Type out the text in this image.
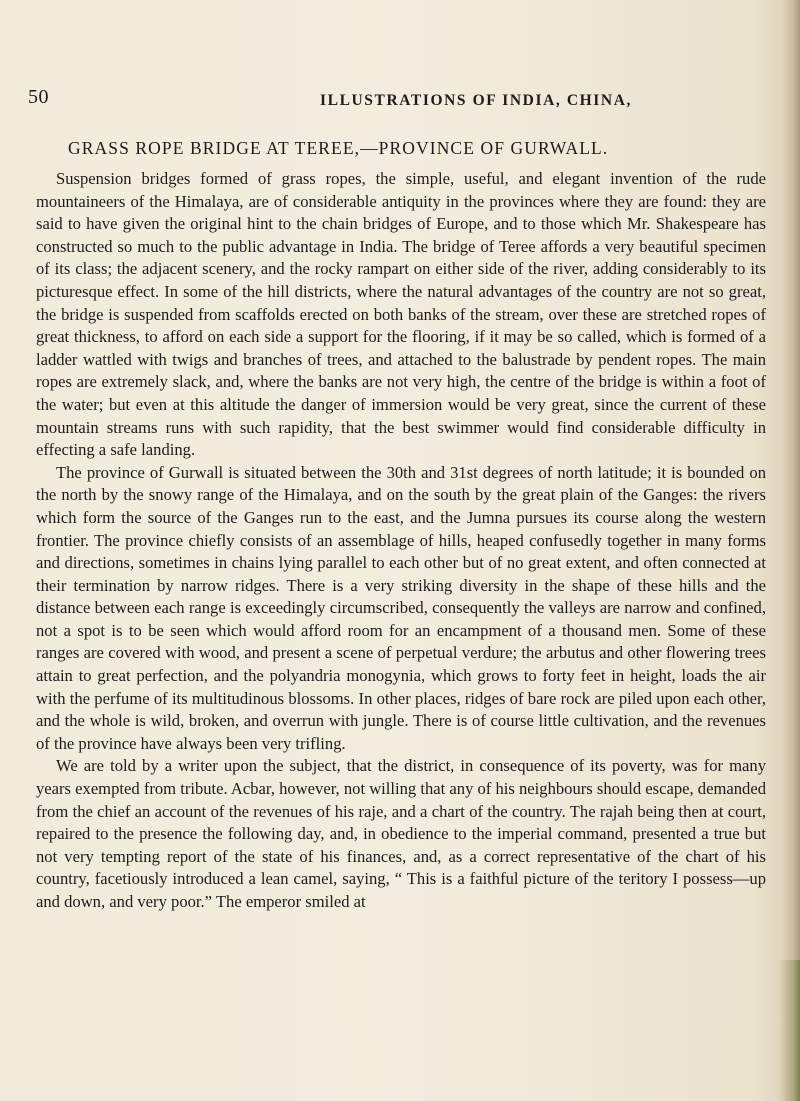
50	ILLUSTRATIONS OF INDIA, CHINA,
GRASS ROPE BRIDGE AT TEREE,—PROVINCE OF GURWALL.

Suspension bridges formed of grass ropes, the simple, useful, and elegant invention of the rude mountaineers of the Himalaya, are of considerable antiquity in the provinces where they are found: they are said to have given the original hint to the chain bridges of Europe, and to those which Mr. Shakespeare has constructed so much to the public advantage in India. The bridge of Teree affords a very beautiful specimen of its class; the adjacent scenery, and the rocky rampart on either side of the river, adding considerably to its picturesque effect. In some of the hill districts, where the natural advantages of the country are not so great, the bridge is suspended from scaffolds erected on both banks of the stream, over these are stretched ropes of great thickness, to afford on each side a support for the flooring, if it may be so called, which is formed of a ladder wattled with twigs and branches of trees, and attached to the balustrade by pendent ropes. The main ropes are extremely slack, and, where the banks are not very high, the centre of the bridge is within a foot of the water; but even at this altitude the danger of immersion would be very great, since the current of these mountain streams runs with such rapidity, that the best swimmer would find considerable difficulty in effecting a safe landing.

The province of Gurwall is situated between the 30th and 31st degrees of north latitude; it is bounded on the north by the snowy range of the Himalaya, and on the south by the great plain of the Ganges: the rivers which form the source of the Ganges run to the east, and the Jumna pursues its course along the western frontier. The province chiefly consists of an assemblage of hills, heaped confusedly together in many forms and directions, sometimes in chains lying parallel to each other but of no great extent, and often connected at their termination by narrow ridges. There is a very striking diversity in the shape of these hills and the distance between each range is exceedingly circumscribed, consequently the valleys are narrow and confined, not a spot is to be seen which would afford room for an encampment of a thousand men. Some of these ranges are covered with wood, and present a scene of perpetual verdure; the arbutus and other flowering trees attain to great perfection, and the polyandria monogynia, which grows to forty feet in height, loads the air with the perfume of its multitudinous blossoms. In other places, ridges of bare rock are piled upon each other, and the whole is wild, broken, and overrun with jungle. There is of course little cultivation, and the revenues of the province have always been very trifling.

We are told by a writer upon the subject, that the district, in consequence of its poverty, was for many years exempted from tribute. Acbar, however, not willing that any of his neighbours should escape, demanded from the chief an account of the revenues of his raje, and a chart of the country. The rajah being then at court, repaired to the presence the following day, and, in obedience to the imperial command, presented a true but not very tempting report of the state of his finances, and, as a correct representative of the chart of his country, facetiously introduced a lean camel, saying, “ This is a faithful picture of the teritory I possess—up and down, and very poor.” The emperor smiled at
